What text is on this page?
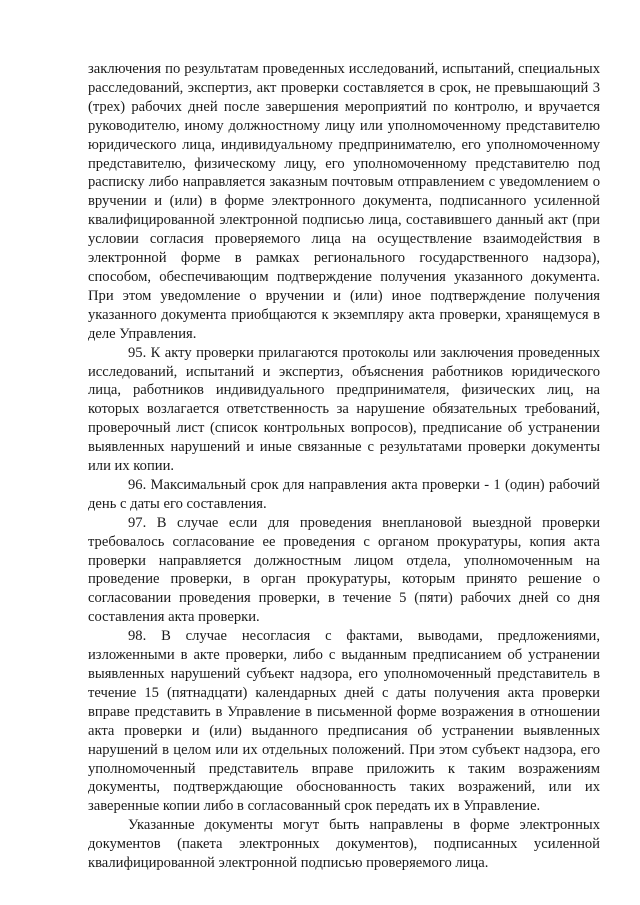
заключения по результатам проведенных исследований, испытаний, специальных расследований, экспертиз, акт проверки составляется в срок, не превышающий 3 (трех) рабочих дней после завершения мероприятий по контролю, и вручается руководителю, иному должностному лицу или уполномоченному представителю юридического лица, индивидуальному предпринимателю, его уполномоченному представителю, физическому лицу, его уполномоченному представителю под расписку либо направляется заказным почтовым отправлением с уведомлением о вручении и (или) в форме электронного документа, подписанного усиленной квалифицированной электронной подписью лица, составившего данный акт (при условии согласия проверяемого лица на осуществление взаимодействия в электронной форме в рамках регионального государственного надзора), способом, обеспечивающим подтверждение получения указанного документа. При этом уведомление о вручении и (или) иное подтверждение получения указанного документа приобщаются к экземпляру акта проверки, хранящемуся в деле Управления.

95. К акту проверки прилагаются протоколы или заключения проведенных исследований, испытаний и экспертиз, объяснения работников юридического лица, работников индивидуального предпринимателя, физических лиц, на которых возлагается ответственность за нарушение обязательных требований, проверочный лист (список контрольных вопросов), предписание об устранении выявленных нарушений и иные связанные с результатами проверки документы или их копии.

96. Максимальный срок для направления акта проверки - 1 (один) рабочий день с даты его составления.

97. В случае если для проведения внеплановой выездной проверки требовалось согласование ее проведения с органом прокуратуры, копия акта проверки направляется должностным лицом отдела, уполномоченным на проведение проверки, в орган прокуратуры, которым принято решение о согласовании проведения проверки, в течение 5 (пяти) рабочих дней со дня составления акта проверки.

98. В случае несогласия с фактами, выводами, предложениями, изложенными в акте проверки, либо с выданным предписанием об устранении выявленных нарушений субъект надзора, его уполномоченный представитель в течение 15 (пятнадцати) календарных дней с даты получения акта проверки вправе представить в Управление в письменной форме возражения в отношении акта проверки и (или) выданного предписания об устранении выявленных нарушений в целом или их отдельных положений. При этом субъект надзора, его уполномоченный представитель вправе приложить к таким возражениям документы, подтверждающие обоснованность таких возражений, или их заверенные копии либо в согласованный срок передать их в Управление.

Указанные документы могут быть направлены в форме электронных документов (пакета электронных документов), подписанных усиленной квалифицированной электронной подписью проверяемого лица.
